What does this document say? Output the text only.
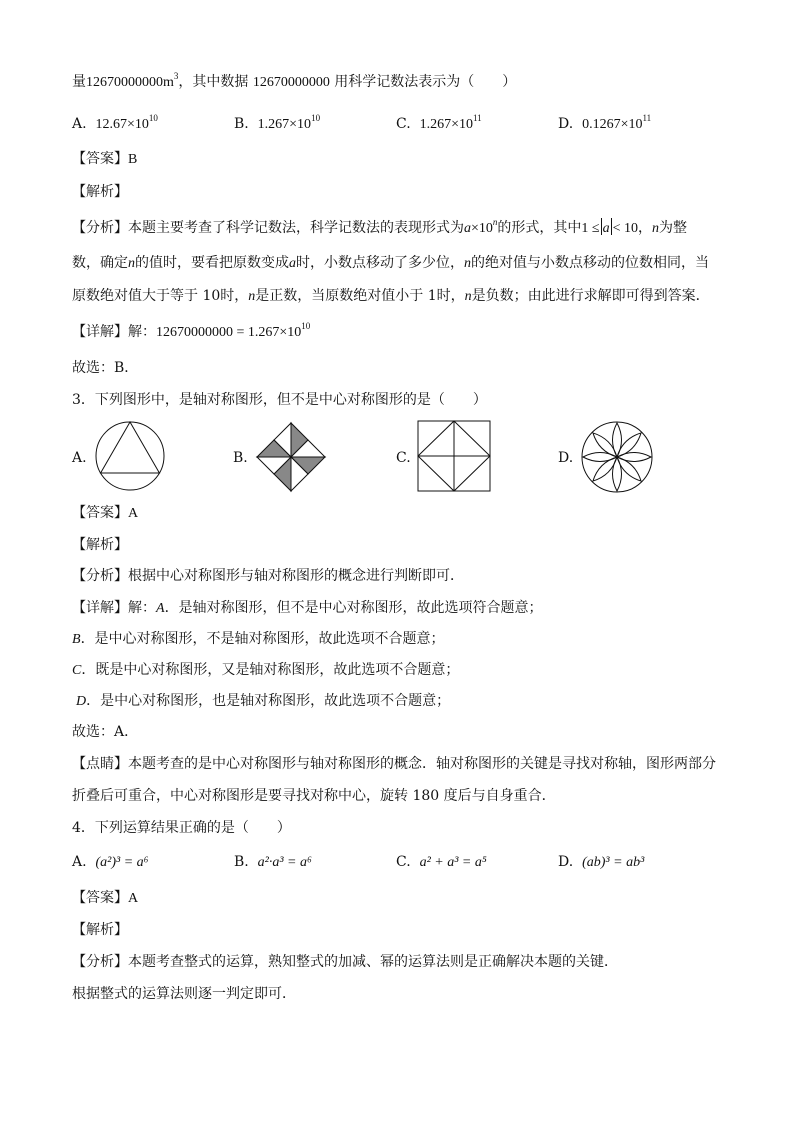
量$12670000000m^3$，其中数据 12670000000 用科学记数法表示为（　　）
A. $12.67\times 10^{10}$	B. $1.267\times 10^{10}$	C. $1.267\times 10^{11}$	D. $0.1267\times 10^{11}$
【答案】B
【解析】
【分析】本题主要考查了科学记数法，科学记数法的表现形式为$a\times 10^n$的形式，其中1 ≤ a < 10，n为整
数，确定n的值时，要看把原数变成a时，小数点移动了多少位，n的绝对值与小数点移动的位数相同，当
原数绝对值大于等于 10时，n是正数，当原数绝对值小于 1时，n是负数；由此进行求解即可得到答案．
【详解】解：$12670000000 = 1.267\times 10^{10}$
故选：B．
3．下列图形中，是轴对称图形，但不是中心对称图形的是（　　）
A.	B.	C.	D.
【答案】A
【解析】
【分析】根据中心对称图形与轴对称图形的概念进行判断即可．
【详解】解：A．是轴对称图形，但不是中心对称图形，故此选项符合题意；
B．是中心对称图形，不是轴对称图形，故此选项不合题意；
C．既是中心对称图形，又是轴对称图形，故此选项不合题意；
D．是中心对称图形，也是轴对称图形，故此选项不合题意；
故选：A．
【点睛】本题考查的是中心对称图形与轴对称图形的概念．轴对称图形的关键是寻找对称轴，图形两部分
折叠后可重合，中心对称图形是要寻找对称中心，旋转 180 度后与自身重合．
4．下列运算结果正确的是（　　）
A. (a²)³ = a⁶	B. a²·a³ = a⁶	C. a² + a³ = a⁵	D. (ab)³ = ab³
【答案】A
【解析】
【分析】本题考查整式的运算，熟知整式的加减、幂的运算法则是正确解决本题的关键．
根据整式的运算法则逐一判定即可．
